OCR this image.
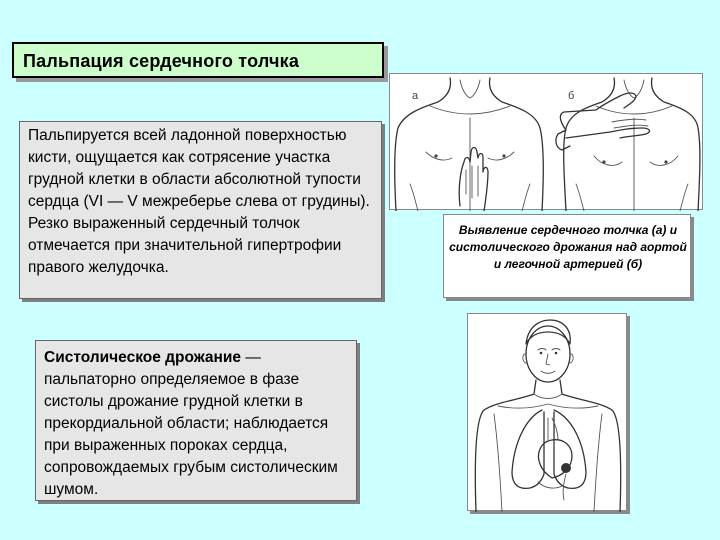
Пальпация сердечного толчка

Пальпируется всей ладонной поверхностью кисти, ощущается как сотрясение участка грудной клетки в области абсолютной тупости сердца (VI — V межреберье слева от грудины). Резко выраженный сердечный толчок отмечается при значительной гипертрофии правого желудочка.

Систолическое дрожание — пальпаторно определяемое в фазе систолы дрожание грудной клетки в прекордиальной области; наблюдается при выраженных пороках сердца, сопровождаемых грубым систолическим шумом.

а	б

Выявление сердечного толчка (а) и систолического дрожания над аортой и легочной артерией (б)
